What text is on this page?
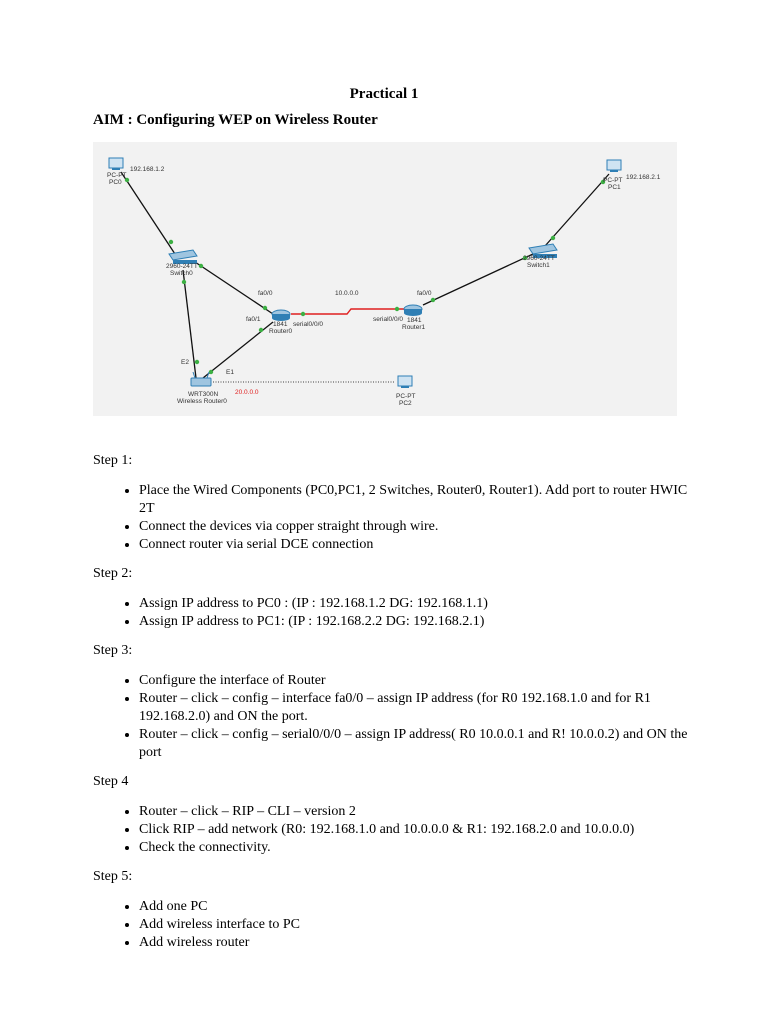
Practical 1
AIM : Configuring WEP on Wireless Router
192.168.1.2
PC-PT
PC0
2960-24TT
Switch0
fa0/0
fa0/1
1841 serial0/0/0
Router0
10.0.0.0	fa0/0
serial0/0/0 1841
Router1
2960-24TT
Switch1
192.168.2.1
PC-PT
PC1
E2
E1
WRT300N
Wireless Router0
20.0.0.0
PC-PT
PC2

Step 1:

• Place the Wired Components (PC0,PC1, 2 Switches, Router0, Router1). Add port to router HWIC 2T
• Connect the devices via copper straight through wire.
• Connect router via serial DCE connection

Step 2:

• Assign IP address to PC0 : (IP : 192.168.1.2 DG: 192.168.1.1)
• Assign IP address to PC1: (IP : 192.168.2.2 DG: 192.168.2.1)

Step 3:

• Configure the interface of Router
• Router – click – config – interface fa0/0 – assign IP address (for R0 192.168.1.0 and for R1 192.168.2.0) and ON the port.
• Router – click – config – serial0/0/0 – assign IP address( R0 10.0.0.1 and R! 10.0.0.2) and ON the port

Step 4

• Router – click – RIP – CLI – version 2
• Click RIP – add network (R0: 192.168.1.0 and 10.0.0.0 & R1: 192.168.2.0 and 10.0.0.0)
• Check the connectivity.

Step 5:

• Add one PC
• Add wireless interface to PC
• Add wireless router
